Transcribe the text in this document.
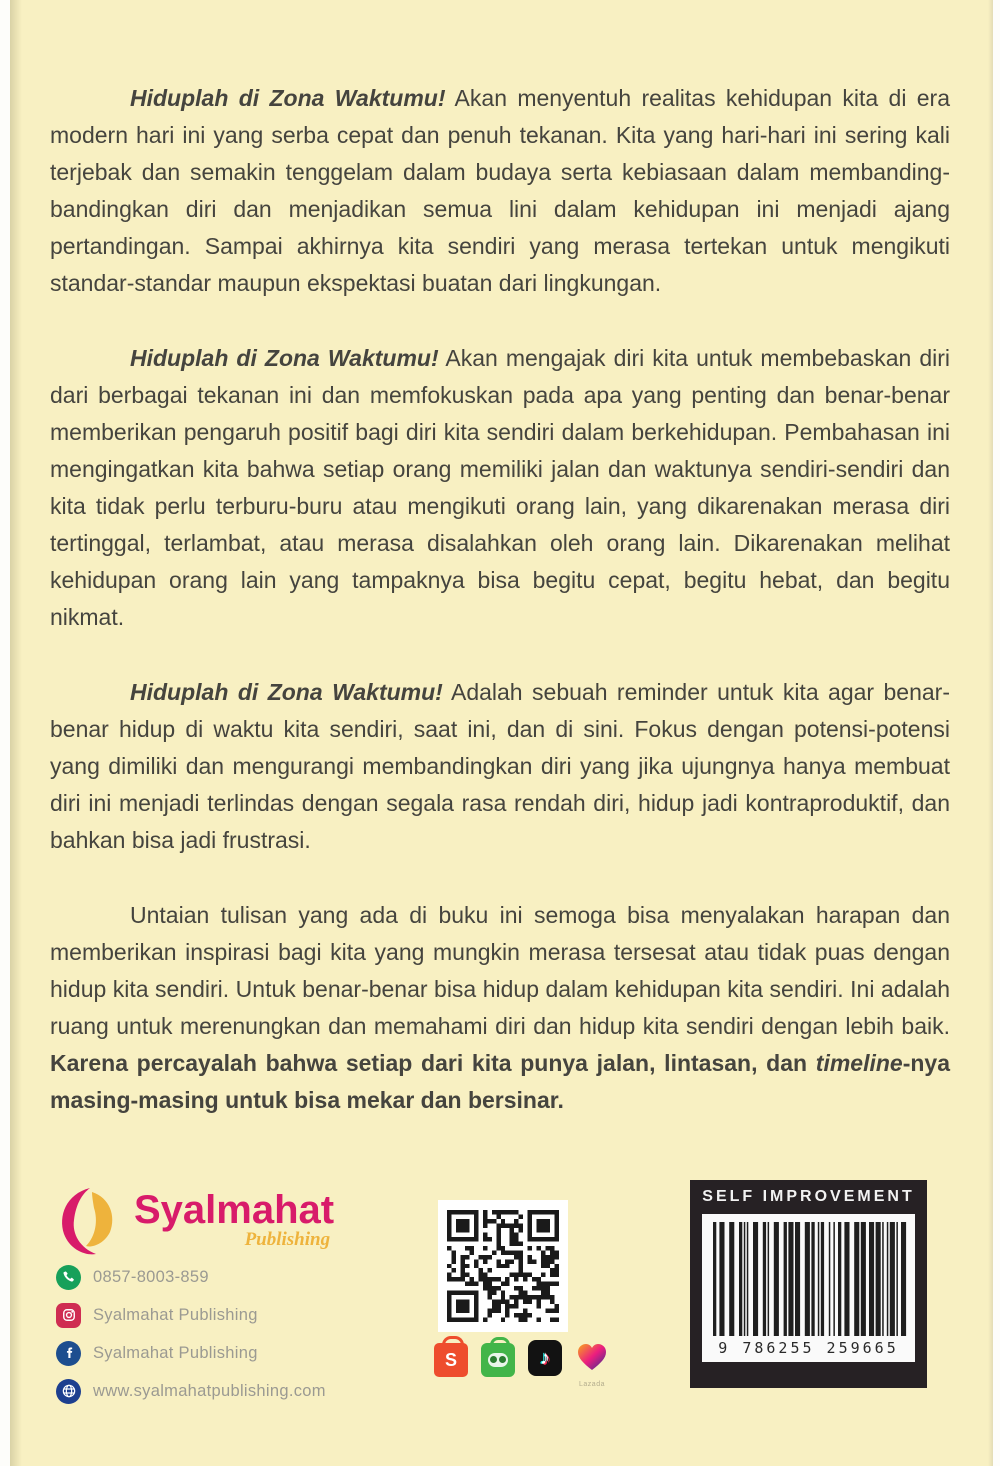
Hiduplah di Zona Waktumu! Akan menyentuh realitas kehidupan kita di era modern hari ini yang serba cepat dan penuh tekanan. Kita yang hari-hari ini sering kali terjebak dan semakin tenggelam dalam budaya serta kebiasaan dalam membanding-bandingkan diri dan menjadikan semua lini dalam kehidupan ini menjadi ajang pertandingan. Sampai akhirnya kita sendiri yang merasa tertekan untuk mengikuti standar-standar maupun ekspektasi buatan dari lingkungan.

Hiduplah di Zona Waktumu! Akan mengajak diri kita untuk membebaskan diri dari berbagai tekanan ini dan memfokuskan pada apa yang penting dan benar-benar memberikan pengaruh positif bagi diri kita sendiri dalam berkehidupan. Pembahasan ini mengingatkan kita bahwa setiap orang memiliki jalan dan waktunya sendiri-sendiri dan kita tidak perlu terburu-buru atau mengikuti orang lain, yang dikarenakan merasa diri tertinggal, terlambat, atau merasa disalahkan oleh orang lain. Dikarenakan melihat kehidupan orang lain yang tampaknya bisa begitu cepat, begitu hebat, dan begitu nikmat.

Hiduplah di Zona Waktumu! Adalah sebuah reminder untuk kita agar benar-benar hidup di waktu kita sendiri, saat ini, dan di sini. Fokus dengan potensi-potensi yang dimiliki dan mengurangi membandingkan diri yang jika ujungnya hanya membuat diri ini menjadi terlindas dengan segala rasa rendah diri, hidup jadi kontraproduktif, dan bahkan bisa jadi frustrasi.

Untaian tulisan yang ada di buku ini semoga bisa menyalakan harapan dan memberikan inspirasi bagi kita yang mungkin merasa tersesat atau tidak puas dengan hidup kita sendiri. Untuk benar-benar bisa hidup dalam kehidupan kita sendiri. Ini adalah ruang untuk merenungkan dan memahami diri dan hidup kita sendiri dengan lebih baik. Karena percayalah bahwa setiap dari kita punya jalan, lintasan, dan timeline-nya masing-masing untuk bisa mekar dan bersinar.

Syalmahat
Publishing
0857-8003-859
Syalmahat Publishing
Syalmahat Publishing
www.syalmahatpublishing.com
S	♪
Lazada
SELF IMPROVEMENT
9 786255 259665
